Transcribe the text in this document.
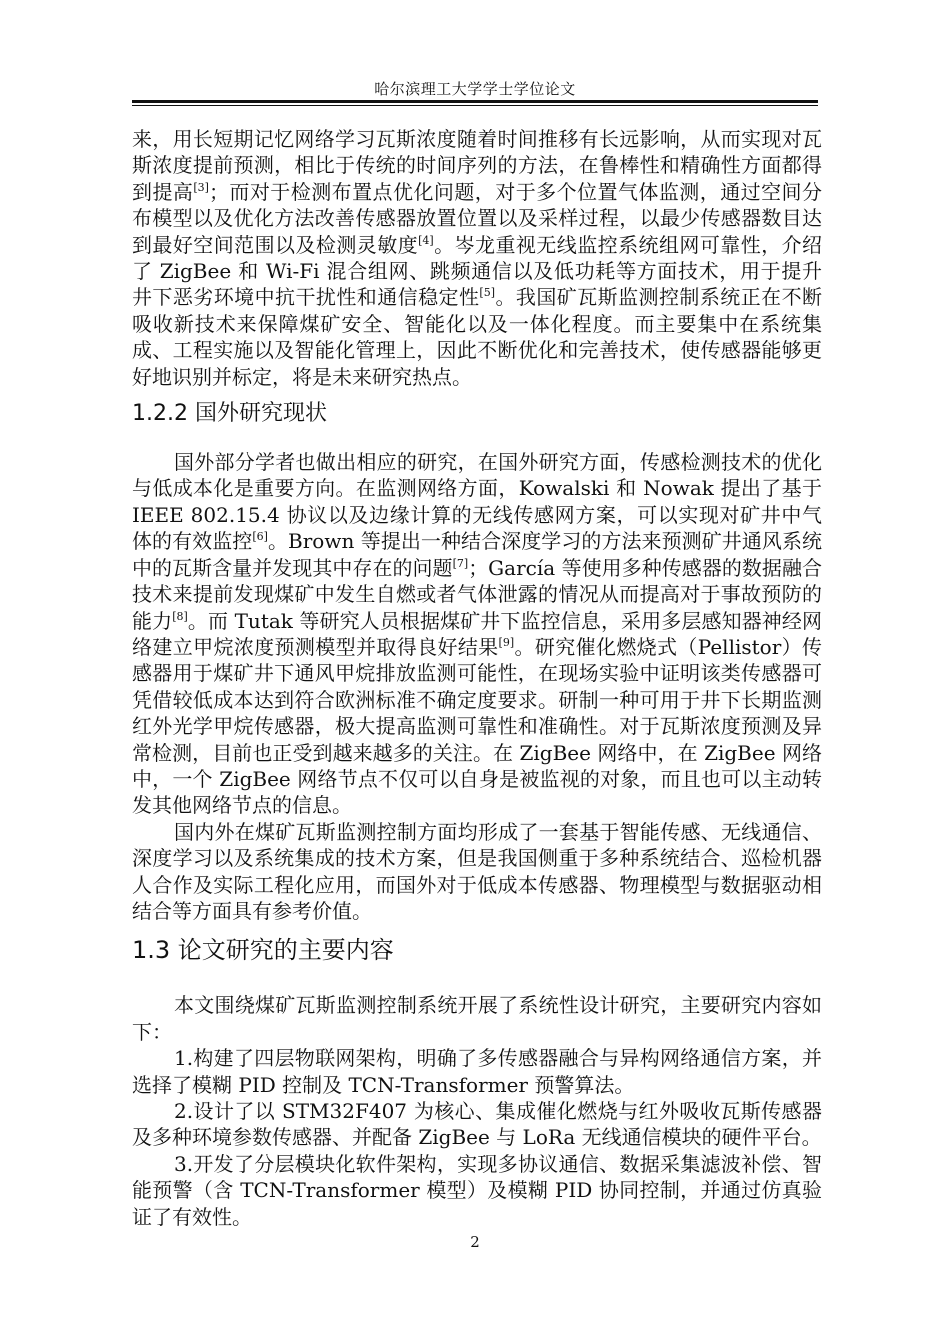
哈尔滨理工大学学士学位论文

来，用长短期记忆网络学习瓦斯浓度随着时间推移有长远影响，从而实现对瓦斯浓度提前预测，相比于传统的时间序列的方法，在鲁棒性和精确性方面都得到提高[3]；而对于检测布置点优化问题，对于多个位置气体监测，通过空间分布模型以及优化方法改善传感器放置位置以及采样过程，以最少传感器数目达到最好空间范围以及检测灵敏度[4]。岑龙重视无线监控系统组网可靠性，介绍了 ZigBee 和 Wi-Fi 混合组网、跳频通信以及低功耗等方面技术，用于提升井下恶劣环境中抗干扰性和通信稳定性[5]。我国矿瓦斯监测控制系统正在不断吸收新技术来保障煤矿安全、智能化以及一体化程度。而主要集中在系统集成、工程实施以及智能化管理上，因此不断优化和完善技术，使传感器能够更好地识别并标定，将是未来研究热点。

1.2.2 国外研究现状

国外部分学者也做出相应的研究，在国外研究方面，传感检测技术的优化与低成本化是重要方向。在监测网络方面，Kowalski 和 Nowak 提出了基于 IEEE 802.15.4 协议以及边缘计算的无线传感网方案，可以实现对矿井中气体的有效监控[6]。Brown 等提出一种结合深度学习的方法来预测矿井通风系统中的瓦斯含量并发现其中存在的问题[7]；García 等使用多种传感器的数据融合技术来提前发现煤矿中发生自燃或者气体泄露的情况从而提高对于事故预防的能力[8]。而 Tutak 等研究人员根据煤矿井下监控信息，采用多层感知器神经网络建立甲烷浓度预测模型并取得良好结果[9]。研究催化燃烧式（Pellistor）传感器用于煤矿井下通风甲烷排放监测可能性，在现场实验中证明该类传感器可凭借较低成本达到符合欧洲标准不确定度要求。研制一种可用于井下长期监测红外光学甲烷传感器，极大提高监测可靠性和准确性。对于瓦斯浓度预测及异常检测，目前也正受到越来越多的关注。在 ZigBee 网络中，在 ZigBee 网络中，一个 ZigBee 网络节点不仅可以自身是被监视的对象，而且也可以主动转发其他网络节点的信息。

国内外在煤矿瓦斯监测控制方面均形成了一套基于智能传感、无线通信、深度学习以及系统集成的技术方案，但是我国侧重于多种系统结合、巡检机器人合作及实际工程化应用，而国外对于低成本传感器、物理模型与数据驱动相结合等方面具有参考价值。

1.3 论文研究的主要内容

本文围绕煤矿瓦斯监测控制系统开展了系统性设计研究，主要研究内容如下：

1.构建了四层物联网架构，明确了多传感器融合与异构网络通信方案，并选择了模糊 PID 控制及 TCN-Transformer 预警算法。

2.设计了以 STM32F407 为核心、集成催化燃烧与红外吸收瓦斯传感器及多种环境参数传感器、并配备 ZigBee 与 LoRa 无线通信模块的硬件平台。

3.开发了分层模块化软件架构，实现多协议通信、数据采集滤波补偿、智能预警（含 TCN-Transformer 模型）及模糊 PID 协同控制，并通过仿真验证了有效性。

2
